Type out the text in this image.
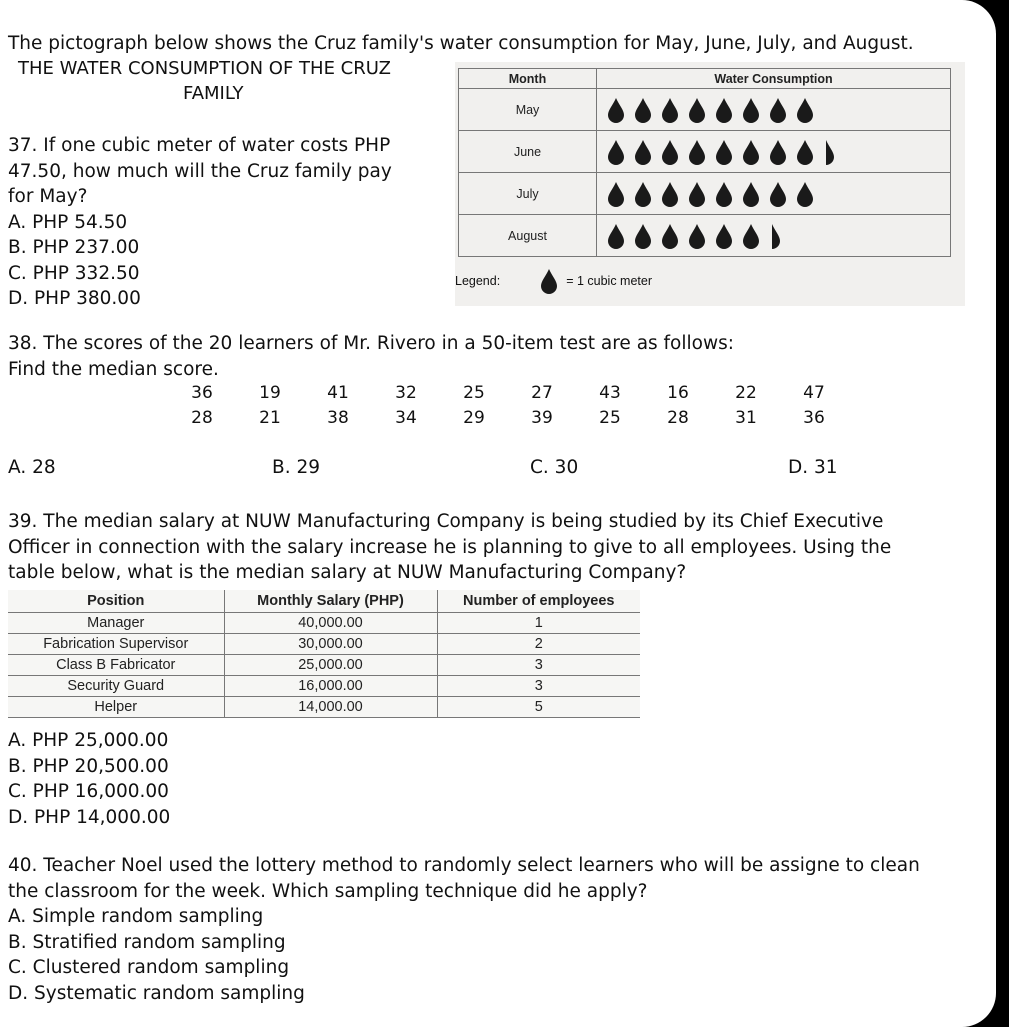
The pictograph below shows the Cruz family's water consumption for May, June, July, and August.
THE WATER CONSUMPTION OF THE CRUZ
FAMILY
Month	Water Consumption
May	

June	

July	

August	
Legend:	= 1 cubic meter
37. If one cubic meter of water costs PHP
47.50, how much will the Cruz family pay
for May?
A. PHP 54.50
B. PHP 237.00
C. PHP 332.50
D. PHP 380.00
38. The scores of the 20 learners of Mr. Rivero in a 50-item test are as follows:
Find the median score.
36	19	41	32	25	27	43	16	22	47
28	21	38	34	29	39	25	28	31	36
A. 28	B. 29	C. 30	D. 31
39. The median salary at NUW Manufacturing Company is being studied by its Chief Executive
Officer in connection with the salary increase he is planning to give to all employees. Using the
table below, what is the median salary at NUW Manufacturing Company?
Position	Monthly Salary (PHP)	Number of employees
Manager	40,000.00	1
Fabrication Supervisor	30,000.00	2
Class B Fabricator	25,000.00	3
Security Guard	16,000.00	3
Helper	14,000.00	5
A. PHP 25,000.00
B. PHP 20,500.00
C. PHP 16,000.00
D. PHP 14,000.00
40. Teacher Noel used the lottery method to randomly select learners who will be assigne to clean
the classroom for the week. Which sampling technique did he apply?
A. Simple random sampling
B. Stratified random sampling
C. Clustered random sampling
D. Systematic random sampling
